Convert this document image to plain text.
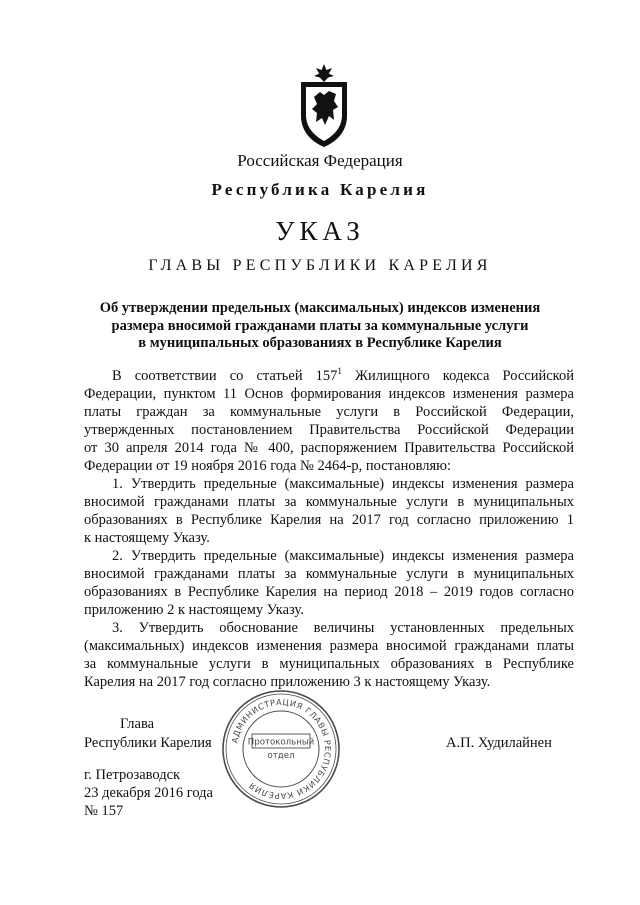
Российская Федерация
Республика Карелия
УКАЗ
ГЛАВЫ РЕСПУБЛИКИ КАРЕЛИЯ
Об утверждении предельных (максимальных) индексов изменения
размера вносимой гражданами платы за коммунальные услуги
в муниципальных образованиях в Республике Карелия
В соответствии со статьей $157^1$ Жилищного кодекса Российской
Федерации, пунктом 11 Основ формирования индексов изменения размера
платы граждан за коммунальные услуги в Российской Федерации,
утвержденных постановлением Правительства Российской Федерации
от 30 апреля 2014 года № 400, распоряжением Правительства Российской
Федерации от 19 ноября 2016 года № 2464-р, постановляю:
1. Утвердить предельные (максимальные) индексы изменения размера
вносимой гражданами платы за коммунальные услуги в муниципальных
образованиях в Республике Карелия на 2017 год согласно приложению 1
к настоящему Указу.
2. Утвердить предельные (максимальные) индексы изменения размера
вносимой гражданами платы за коммунальные услуги в муниципальных
образованиях в Республике Карелия на период 2018 – 2019 годов согласно
приложению 2 к настоящему Указу.
3. Утвердить обоснование величины установленных предельных
(максимальных) индексов изменения размера вносимой гражданами платы
за коммунальные услуги в муниципальных образованиях в Республике
Карелия на 2017 год согласно приложению 3 к настоящему Указу.
Глава
Республики Карелия	А.П. Худилайнен
АДМИНИСТРАЦИЯ ГЛАВЫ РЕСПУБЛИКИ КАРЕЛИЯ
Протокольный
отдел
г. Петрозаводск
23 декабря 2016 года
№ 157
